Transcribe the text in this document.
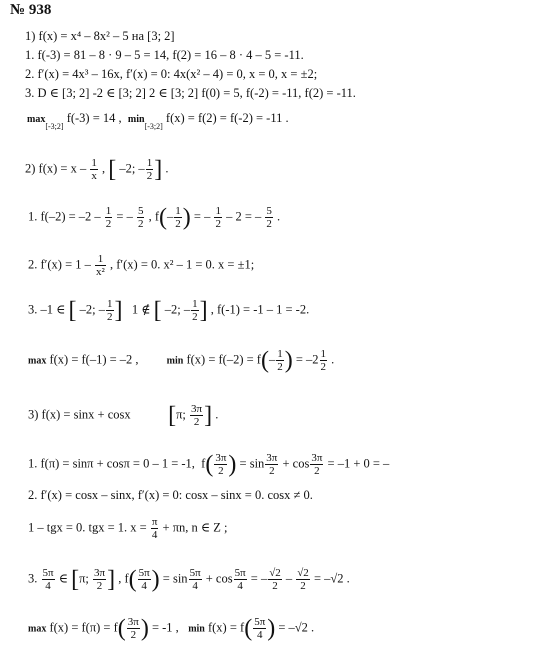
№ 938
1) f(x) = x⁴ – 8x² – 5 на [3; 2]
1. f(-3) = 81 – 8 · 9 – 5 = 14, f(2) = 16 – 8 · 4 – 5 = -11.
2. f′(x) = 4x³ – 16x, f′(x) = 0: 4x(x² – 4) = 0, x = 0, x = ±2;
3. D ∈ [3; 2] -2 ∈ [3; 2] 2 ∈ [3; 2] f(0) = 5, f(-2) = -11, f(2) = -11.
$\max_{[-3;2]} f(-3) = 14$ , $\min_{[-3;2]} f(x) = f(2) = f(-2) = -11$ .
2) $f(x) = x - \frac{1}{x}$ , [ –2; – $\frac{1}{2}$ ] .
1. $f(-2) = -2 - \frac{1}{2}$ = – $\frac{5}{2}$ , $f(- \frac{1}{2}$ ) = – $\frac{1}{2} - 2$ = – $\frac{5}{2}$ .
2. $f'(x) = 1 - \frac{1}{\text{x²}}$ , f′(x) = 0. x² – 1 = 0. x = ±1;
3. –1 ∈ [ –2; – $\frac{1}{2}$ ] 1 ∉ [ –2; – $\frac{1}{2}$ ] , f(-1) = -1 – 1 = -2.
max f(x) = f(–1) = –2 ,	$\min f(x) = f(-2) = f(- \frac{1}{2}$ ) = $-2 \frac{1}{2}$ .
3) f(x) = sinx + cosx [π; $\frac{3\pi}{2}$ ] .
1. f(π) = sinπ + cosπ = 0 – 1 = -1,  $f( \frac{3\pi}{2}$ ) = $\sin \frac{3\pi}{2} + \cos \frac{3\pi}{2} = -1 + 0$ = –
2. f′(x) = cosx – sinx, f′(x) = 0: cosx – sinx = 0. cosx ≠ 0.
1 – tgx = 0. tgx = 1. $x = \frac{\pi}{4} + \pi n$, n ∈ Z ;
3. $\frac{5\pi}{4}$ ∈ [π; $\frac{3\pi}{2}$ ] , $f( \frac{5\pi}{4}$ ) = $\sin \frac{5\pi}{4} + \cos \frac{5\pi}{4}$ = – $\frac{√2}{2} - \frac{√2}{2} = -√2$ .
$\max f(x) = f(\pi) = f( \frac{3\pi}{2}$ ) = -1 , $\min f(x) = f( \frac{5\pi}{4}$ ) = –√2 .
